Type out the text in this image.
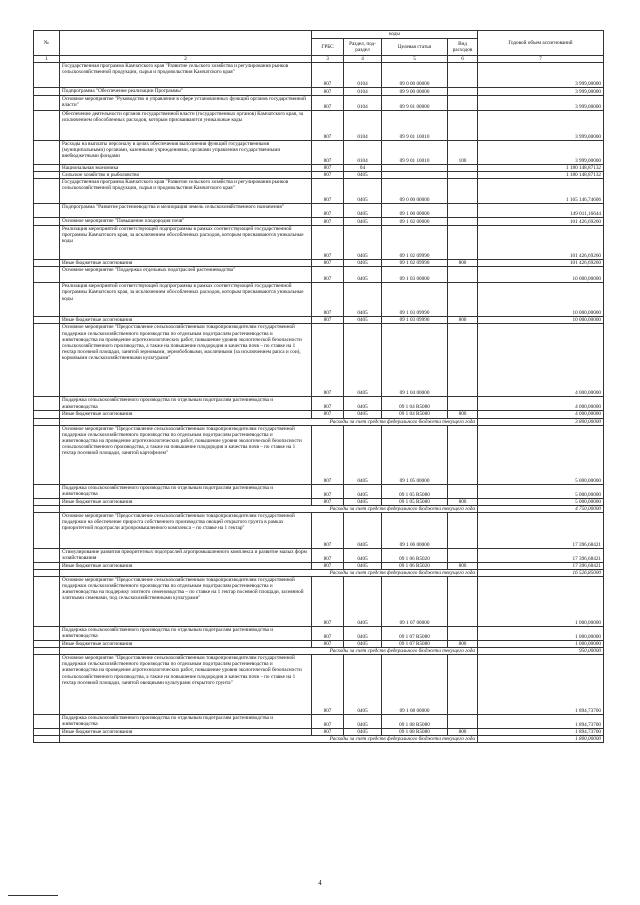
№		коды				Годовой объем ассигнований
		ГРБС	Раздел, под-раздел	Целевая статья	Вид расходов	
1	2	3	4	5	6	7
	Государственная программа Камчатского края "Развитие сельского хозяйства и регулирования рынков сельскохозяйственной продукции, сырья и продовольствия Камчатского края"	807	0104	09 0 00 00000		3 999,00000
	Подпрограмма "Обеспечение реализации Программы"	807	0104	09 9 00 00000		3 999,00000
	Основное мероприятие "Руководство и управление в сфере установленных функций органов государственной власти"	807	0104	09 9 01 00000		3 999,00000
	Обеспечение деятельности органов государственной власти (государственных органов) Камчатского края, за исключением обособленных расходов, которым присваиваются уникальные коды	807	0104	09 9 01 10010		3 999,00000
	Расходы на выплаты персоналу в целях обеспечения выполнения функций государственными (муниципальными) органами, казенными учреждениями, органами управления государственными внебюджетными фондами	807	0104	09 9 01 10010	100	3 999,00000
	Национальная экономика	807	04			1 180 148,87132
	Сельское хозяйство и рыболовство	807	0405			1 180 148,87132
	Государственная программа Камчатского края "Развитие сельского хозяйства и регулирования рынков сельскохозяйственной продукции, сырья и продовольствия Камчатского края"	807	0405	09 0 00 00000		1 165 146,74606
	Подпрограмма "Развитие растениеводства и мелиорация земель сельскохозяйственного назначения"	807	0405	09 1 00 00000		149 011,16644
	Основное мероприятие "Повышение плодородия почв"	807	0405	09 1 02 00000		101 426,69260
	Реализация мероприятий соответствующей подпрограммы в рамках соответствующей государственной программы Камчатского края, за исключением обособленных расходов, которым присваиваются уникальные коды	807	0405	09 1 02 09990		101 426,69260
	Иные бюджетные ассигнования	807	0405	09 1 02 09990	800	101 426,69260
	Основное мероприятие "Поддержка отдельных подотраслей растениеводства"	807	0405	09 1 03 00000		10 000,00000
	Реализация мероприятий соответствующей подпрограммы в рамках соответствующей государственной программы Камчатского края, за исключением обособленных расходов, которым присваиваются уникальные коды	807	0405	09 1 03 09990		10 000,00000
	Иные бюджетные ассигнования	807	0405	09 1 03 09990	800	10 000,00000
	Основное мероприятие "Предоставление сельскохозяйственным товаропроизводителям государственной поддержки сельскохозяйственного производства по отдельным подотраслям растениеводства и животноводства на проведение агротехнологических работ, повышение уровня экологической безопасности сельскохозяйственного производства, а также на повышение плодородия и качества почв – по ставке на 1 гектар посевной площади, занятой зерновыми, зернобобовыми, масличными (за исключением рапса и сои), кормовыми сельскохозяйственными культурами"	807	0405	09 1 04 00000		4 000,00000
	Поддержка сельскохозяйственного производства по отдельным подотраслям растениеводства и животноводства	807	0405	09 1 04 R5080		4 000,00000
	Иные бюджетные ассигнования	807	0405	09 1 04 R5080	800	4 000,00000
	Расходы за счет средств федерального бюджета текущего года					3 800,00000
	Основное мероприятие "Предоставление сельскохозяйственным товаропроизводителям государственной поддержки сельскохозяйственного производства по отдельным подотраслям растениеводства и животноводства на проведение агротехнологических работ, повышение уровня экологической безопасности сельскохозяйственного производства, а также на повышение плодородия и качества почв – по ставке на 1 гектар посевной площади, занятой картофелем"	807	0405	09 1 05 00000		5 000,00000
	Поддержка сельскохозяйственного производства по отдельным подотраслям растениеводства и животноводства	807	0405	09 1 05 R5080		5 000,00000
	Иные бюджетные ассигнования	807	0405	09 1 05 R5080	800	5 000,00000
	Расходы за счет средств федерального бюджета текущего года					4 750,00000
	Основное мероприятие "Предоставление сельскохозяйственным товаропроизводителям государственной поддержки на обеспечение прироста собственного производства овощей открытого грунта в рамках приоритетной подотрасли агропромышленного комплекса – по ставке на 1 гектар"	807	0405	09 1 06 00000		17 396,68421
	Стимулирование развития приоритетных подотраслей агропромышленного комплекса и развитие малых форм хозяйствования	807	0405	09 1 06 R5020		17 396,68421
	Иные бюджетные ассигнования	807	0405	09 1 06 R5020	800	17 396,68421
	Расходы за счет средств федерального бюджета текущего года					16 526,85000
	Основное мероприятие "Предоставление сельскохозяйственным товаропроизводителям государственной поддержки сельскохозяйственного производства по отдельным подотраслям растениеводства и животноводства на поддержку элитного семеноводства – по ставке на 1 гектар посевной площади, засеянной элитными семенами, под сельскохозяйственными культурами"	807	0405	09 1 07 00000		1 000,00000
	Поддержка сельскохозяйственного производства по отдельным подотраслям растениеводства и животноводства	807	0405	09 1 07 R5080		1 000,00000
	Иные бюджетные ассигнования	807	0405	09 1 07 R5080	800	1 000,00000
	Расходы за счет средств федерального бюджета текущего года					950,00000
	Основное мероприятие "Предоставление сельскохозяйственным товаропроизводителям государственной поддержки сельскохозяйственного производства по отдельным подотраслям растениеводства и животноводства на проведение агротехнологических работ, повышение уровня экологической безопасности сельскохозяйственного производства, а также на повышение плодородия и качества почв – по ставке на 1 гектар посевной площади, занятой овощными культурами открытого грунта"	807	0405	09 1 08 00000		1 894,73700
	Поддержка сельскохозяйственного производства по отдельным подотраслям растениеводства и животноводства	807	0405	09 1 08 R5080		1 894,73700
	Иные бюджетные ассигнования	807	0405	09 1 08 R5080	800	1 894,73700
	Расходы за счет средств федерального бюджета текущего года					1 800,00000
4
